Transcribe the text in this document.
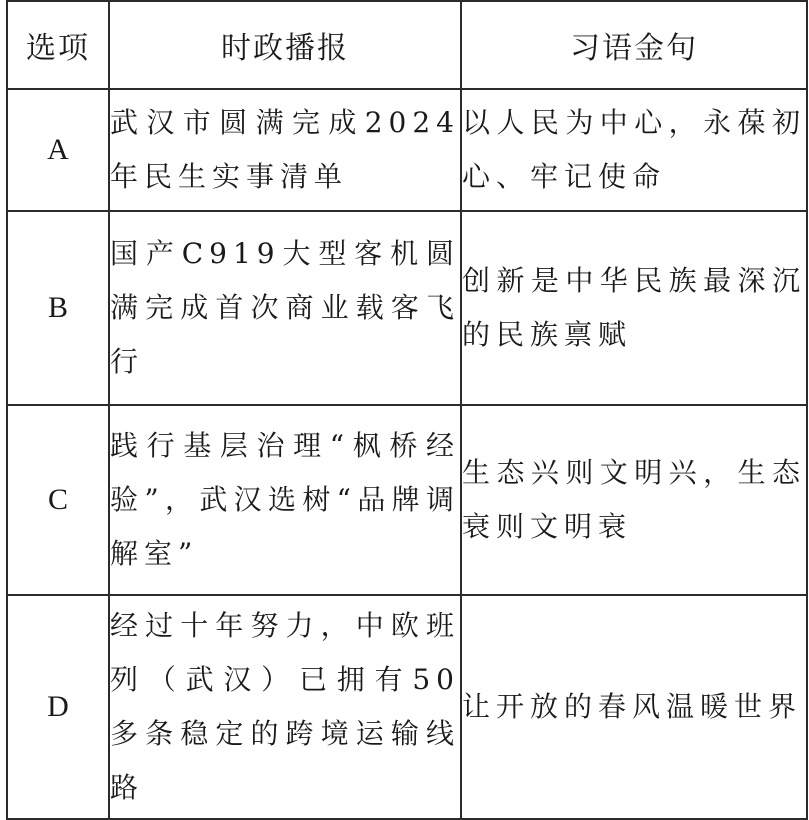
选项	时政播报	习语金句
A	武汉市圆满完成2024年民生实事清单	以人民为中心，永葆初心、牢记使命

B	国产C919大型客机圆满完成首次商业载客飞行	创新是中华民族最深沉的民族禀赋

C	践行基层治理“枫桥经验”，武汉选树“品牌调解室”	生态兴则文明兴，生态衰则文明衰

D	经过十年努力，中欧班列（武汉）已拥有50多条稳定的跨境运输线路	让开放的春风温暖世界
